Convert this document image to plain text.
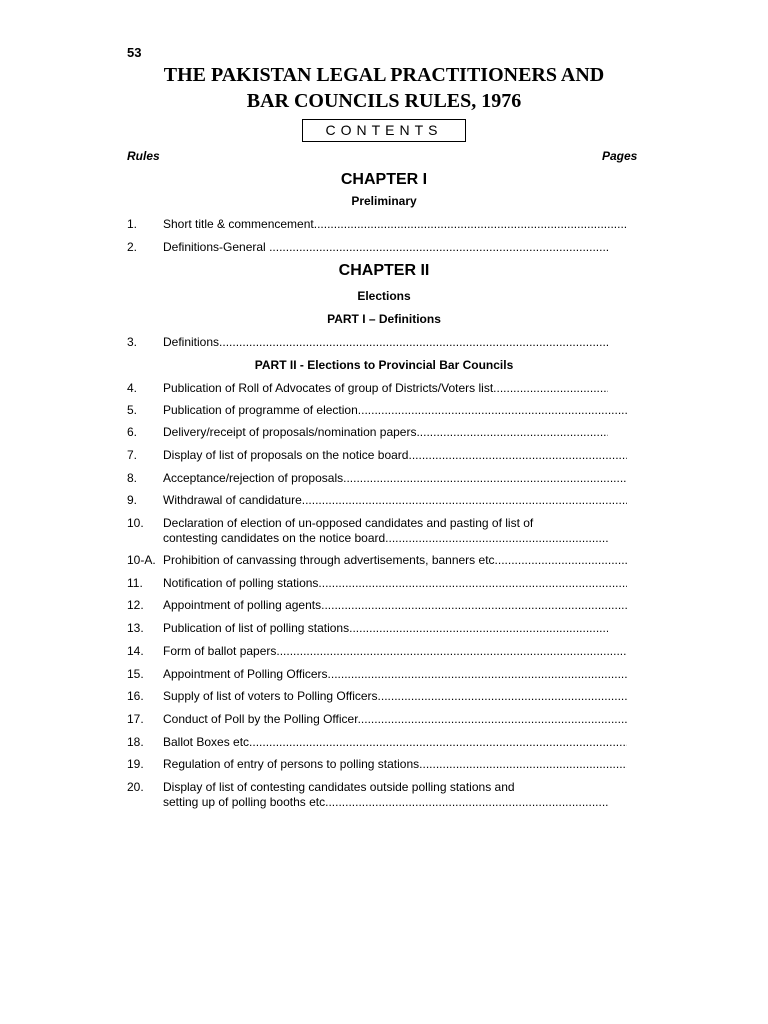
53
THE PAKISTAN LEGAL PRACTITIONERS AND
BAR COUNCILS RULES, 1976
CONTENTS
Rules	Pages
CHAPTER I
Preliminary
1. Short title & commencement .....
2. Definitions-General .....
CHAPTER II
Elections
PART I – Definitions
3. Definitions .....
PART II - Elections to Provincial Bar Councils
4. Publication of Roll of Advocates of group of Districts/Voters list .....
5. Publication of programme of election .....
6. Delivery/receipt of proposals/nomination papers .....
7. Display of list of proposals on the notice board .....
8. Acceptance/rejection of proposals .....
9. Withdrawal of candidature .....
10. Declaration of election of un-opposed candidates and pasting of list of
contesting candidates on the notice board .....
10-A. Prohibition of canvassing through advertisements, banners etc .....
11. Notification of polling stations .....
12. Appointment of polling agents .....
13. Publication of list of polling stations .....
14. Form of ballot papers .....
15. Appointment of Polling Officers .....
16. Supply of list of voters to Polling Officers .....
17. Conduct of Poll by the Polling Officer .....
18. Ballot Boxes etc .....
19. Regulation of entry of persons to polling stations .....
20. Display of list of contesting candidates outside polling stations and
setting up of polling booths etc .....
